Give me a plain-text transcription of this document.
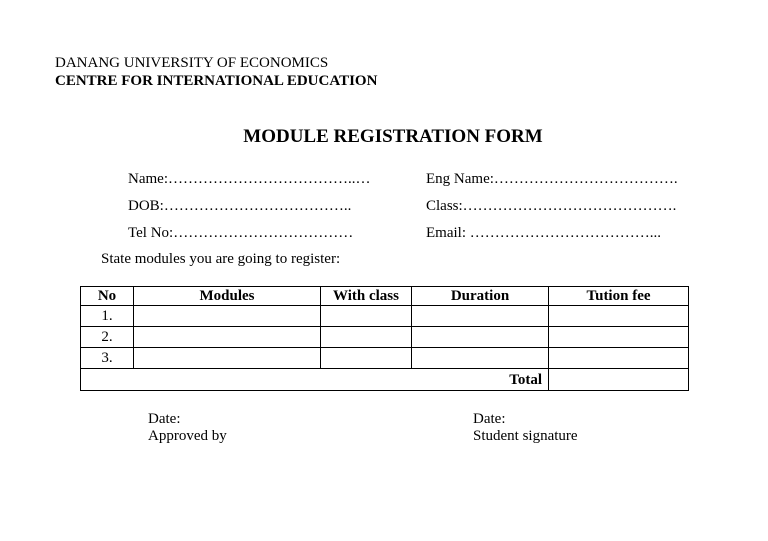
DANANG UNIVERSITY OF ECONOMICS
CENTRE FOR INTERNATIONAL EDUCATION
MODULE REGISTRATION FORM
Name:………………………………..…	Eng Name:……………………………….
DOB:………………………………..	Class:…………………………………….
Tel No:………………………………	Email: ………………………………...
State modules you are going to register:
No	Modules	With class	Duration	Tution fee
1.				
2.				
3.				
Total				
Date:
Approved by
Date:
Student signature
